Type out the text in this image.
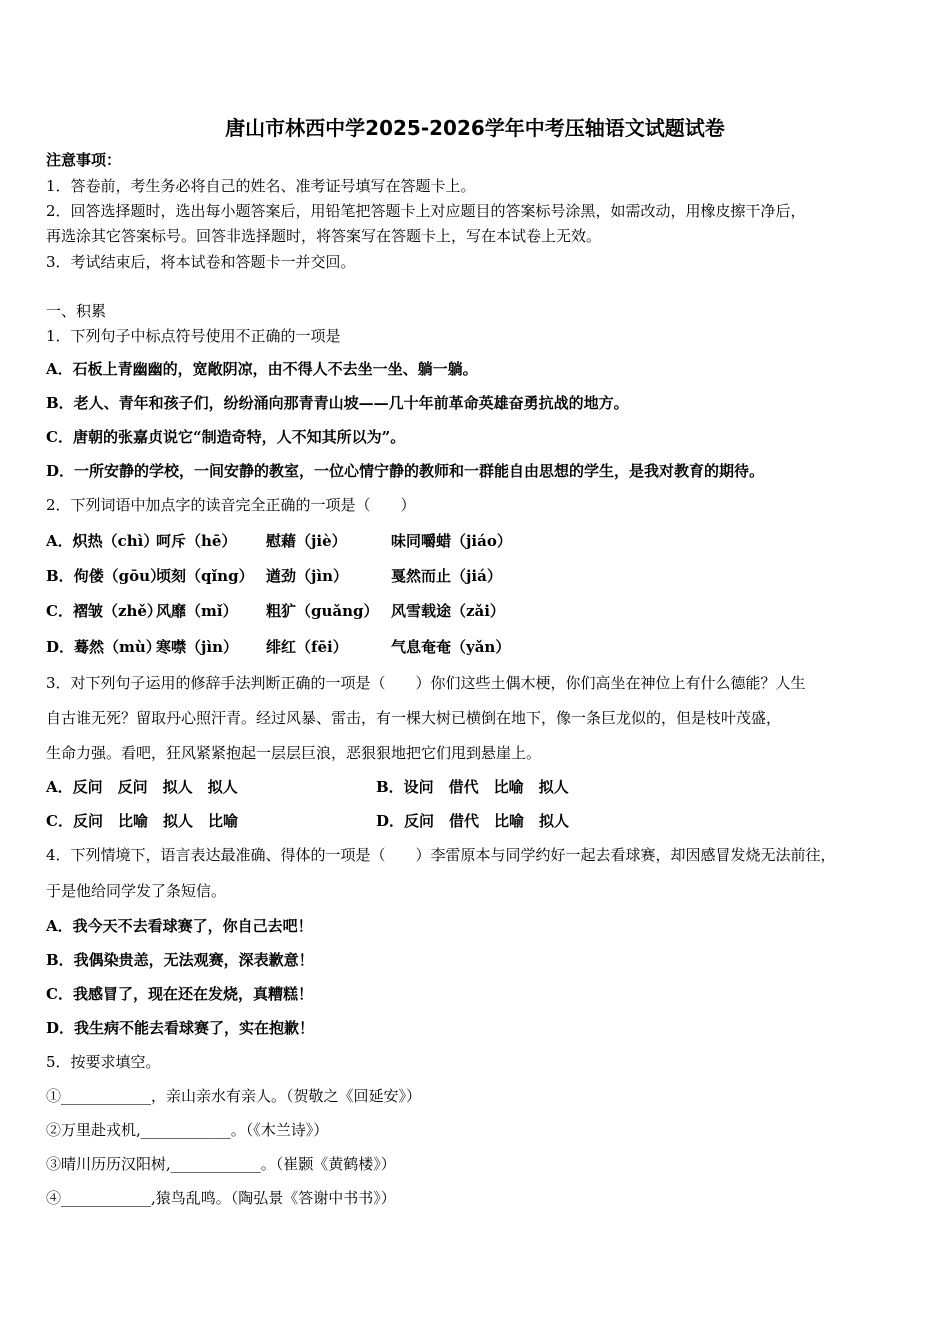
唐山市林西中学2025-2026学年中考压轴语文试题试卷
注意事项：
1．答卷前，考生务必将自己的姓名、准考证号填写在答题卡上。
2．回答选择题时，选出每小题答案后，用铅笔把答题卡上对应题目的答案标号涂黑，如需改动，用橡皮擦干净后，
再选涂其它答案标号。回答非选择题时，将答案写在答题卡上，写在本试卷上无效。
3．考试结束后，将本试卷和答题卡一并交回。
一、积累
1．下列句子中标点符号使用不正确的一项是
A．石板上青幽幽的，宽敞阴凉，由不得人不去坐一坐、躺一躺。
B．老人、青年和孩子们，纷纷涌向那青青山坡——几十年前革命英雄奋勇抗战的地方。
C．唐朝的张嘉贞说它“制造奇特，人不知其所以为”。
D．一所安静的学校，一间安静的教室，一位心情宁静的教师和一群能自由思想的学生，是我对教育的期待。
2．下列词语中加点字的读音完全正确的一项是（　　）
A．炽热（chì）呵斥（hē） 慰藉（jiè）	味同嚼蜡（jiáo）
B．佝偻（gōu）顷刻（qǐng） 遒劲（jìn）	戛然而止（jiá）
C．褶皱（zhě）风靡（mǐ） 粗犷（guǎng） 风雪载途（zǎi）
D．蓦然（mù）寒噤（jìn） 绯红（fēi）	气息奄奄（yǎn）
3．对下列句子运用的修辞手法判断正确的一项是（　　）你们这些土偶木梗，你们高坐在神位上有什么德能？人生
自古谁无死？留取丹心照汗青。经过风暴、雷击，有一棵大树已横倒在地下，像一条巨龙似的，但是枝叶茂盛，
生命力强。看吧，狂风紧紧抱起一层层巨浪，恶狠狠地把它们甩到悬崖上。
A．反问　反问　拟人　拟人	B．设问　借代　比喻　拟人
C．反问　比喻　拟人　比喻	D．反问　借代　比喻　拟人
4．下列情境下，语言表达最准确、得体的一项是（　　）李雷原本与同学约好一起去看球赛，却因感冒发烧无法前往，
于是他给同学发了条短信。
A．我今天不去看球赛了，你自己去吧！
B．我偶染贵恙，无法观赛，深表歉意！
C．我感冒了，现在还在发烧，真糟糕！
D．我生病不能去看球赛了，实在抱歉！
5．按要求填空。
①____________，亲山亲水有亲人。（贺敬之《回延安》）
②万里赴戎机,____________。（《木兰诗》）
③晴川历历汉阳树,____________。（崔颢《黄鹤楼》）
④____________,猿鸟乱鸣。（陶弘景《答谢中书书》）
